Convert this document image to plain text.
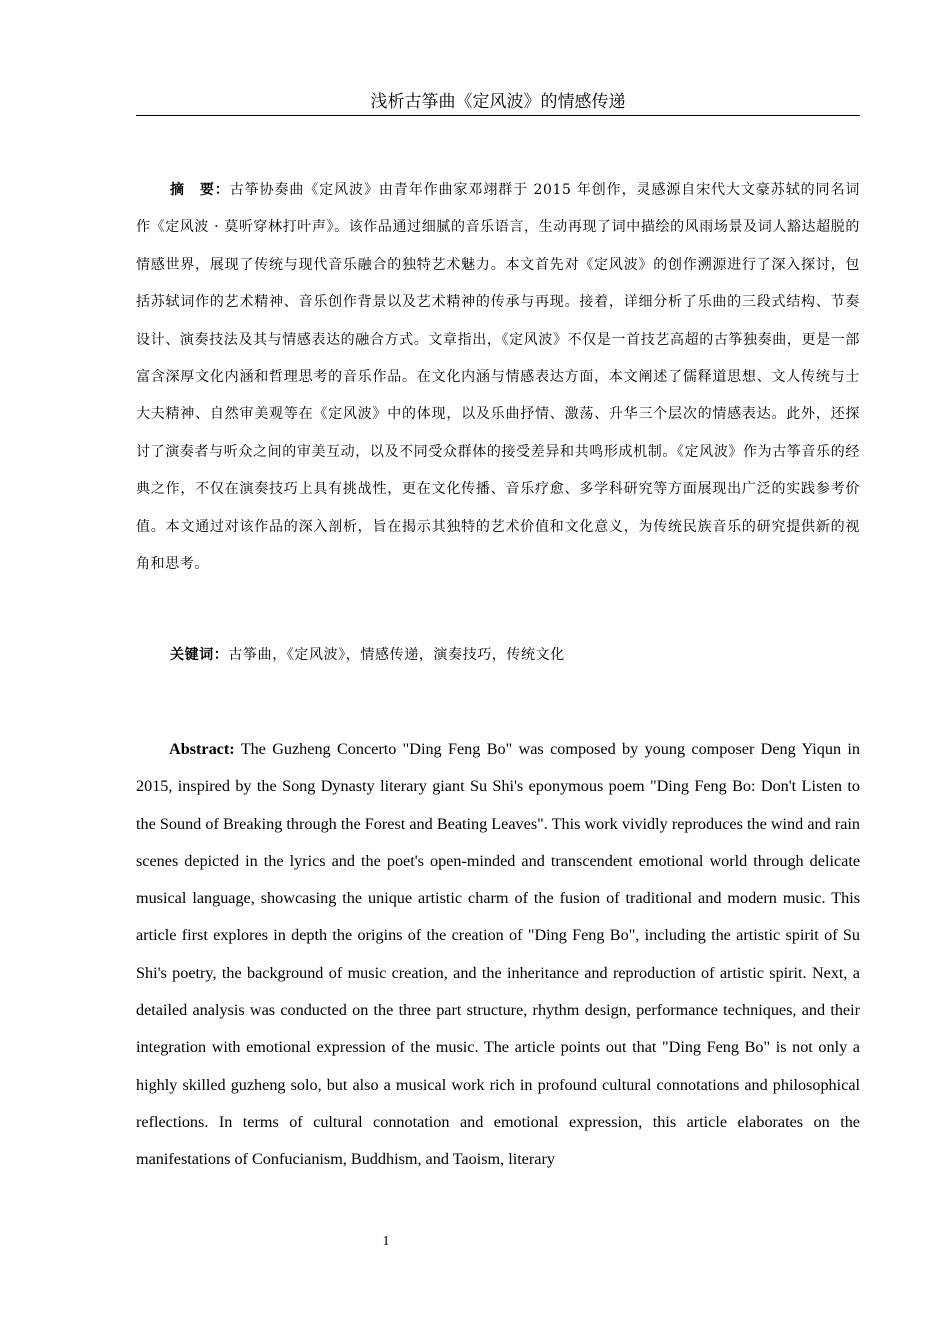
浅析古筝曲《定风波》的情感传递

摘　要：古筝协奏曲《定风波》由青年作曲家邓翊群于 2015 年创作，灵感源自宋代大文豪苏轼的同名词作《定风波 · 莫听穿林打叶声》。该作品通过细腻的音乐语言，生动再现了词中描绘的风雨场景及词人豁达超脱的情感世界，展现了传统与现代音乐融合的独特艺术魅力。本文首先对《定风波》的创作溯源进行了深入探讨，包括苏轼词作的艺术精神、音乐创作背景以及艺术精神的传承与再现。接着，详细分析了乐曲的三段式结构、节奏设计、演奏技法及其与情感表达的融合方式。文章指出，《定风波》不仅是一首技艺高超的古筝独奏曲，更是一部富含深厚文化内涵和哲理思考的音乐作品。在文化内涵与情感表达方面，本文阐述了儒释道思想、文人传统与士大夫精神、自然审美观等在《定风波》中的体现，以及乐曲抒情、激荡、升华三个层次的情感表达。此外，还探讨了演奏者与听众之间的审美互动，以及不同受众群体的接受差异和共鸣形成机制。《定风波》作为古筝音乐的经典之作，不仅在演奏技巧上具有挑战性，更在文化传播、音乐疗愈、多学科研究等方面展现出广泛的实践参考价值。本文通过对该作品的深入剖析，旨在揭示其独特的艺术价值和文化意义，为传统民族音乐的研究提供新的视角和思考。

关键词：古筝曲，《定风波》，情感传递，演奏技巧，传统文化

Abstract: The Guzheng Concerto "Ding Feng Bo" was composed by young composer Deng Yiqun in 2015, inspired by the Song Dynasty literary giant Su Shi's eponymous poem "Ding Feng Bo: Don't Listen to the Sound of Breaking through the Forest and Beating Leaves". This work vividly reproduces the wind and rain scenes depicted in the lyrics and the poet's open-minded and transcendent emotional world through delicate musical language, showcasing the unique artistic charm of the fusion of traditional and modern music. This article first explores in depth the origins of the creation of "Ding Feng Bo", including the artistic spirit of Su Shi's poetry, the background of music creation, and the inheritance and reproduction of artistic spirit. Next, a detailed analysis was conducted on the three part structure, rhythm design, performance techniques, and their integration with emotional expression of the music. The article points out that "Ding Feng Bo" is not only a highly skilled guzheng solo, but also a musical work rich in profound cultural connotations and philosophical reflections. In terms of cultural connotation and emotional expression, this article elaborates on the manifestations of Confucianism, Buddhism, and Taoism, literary

1
